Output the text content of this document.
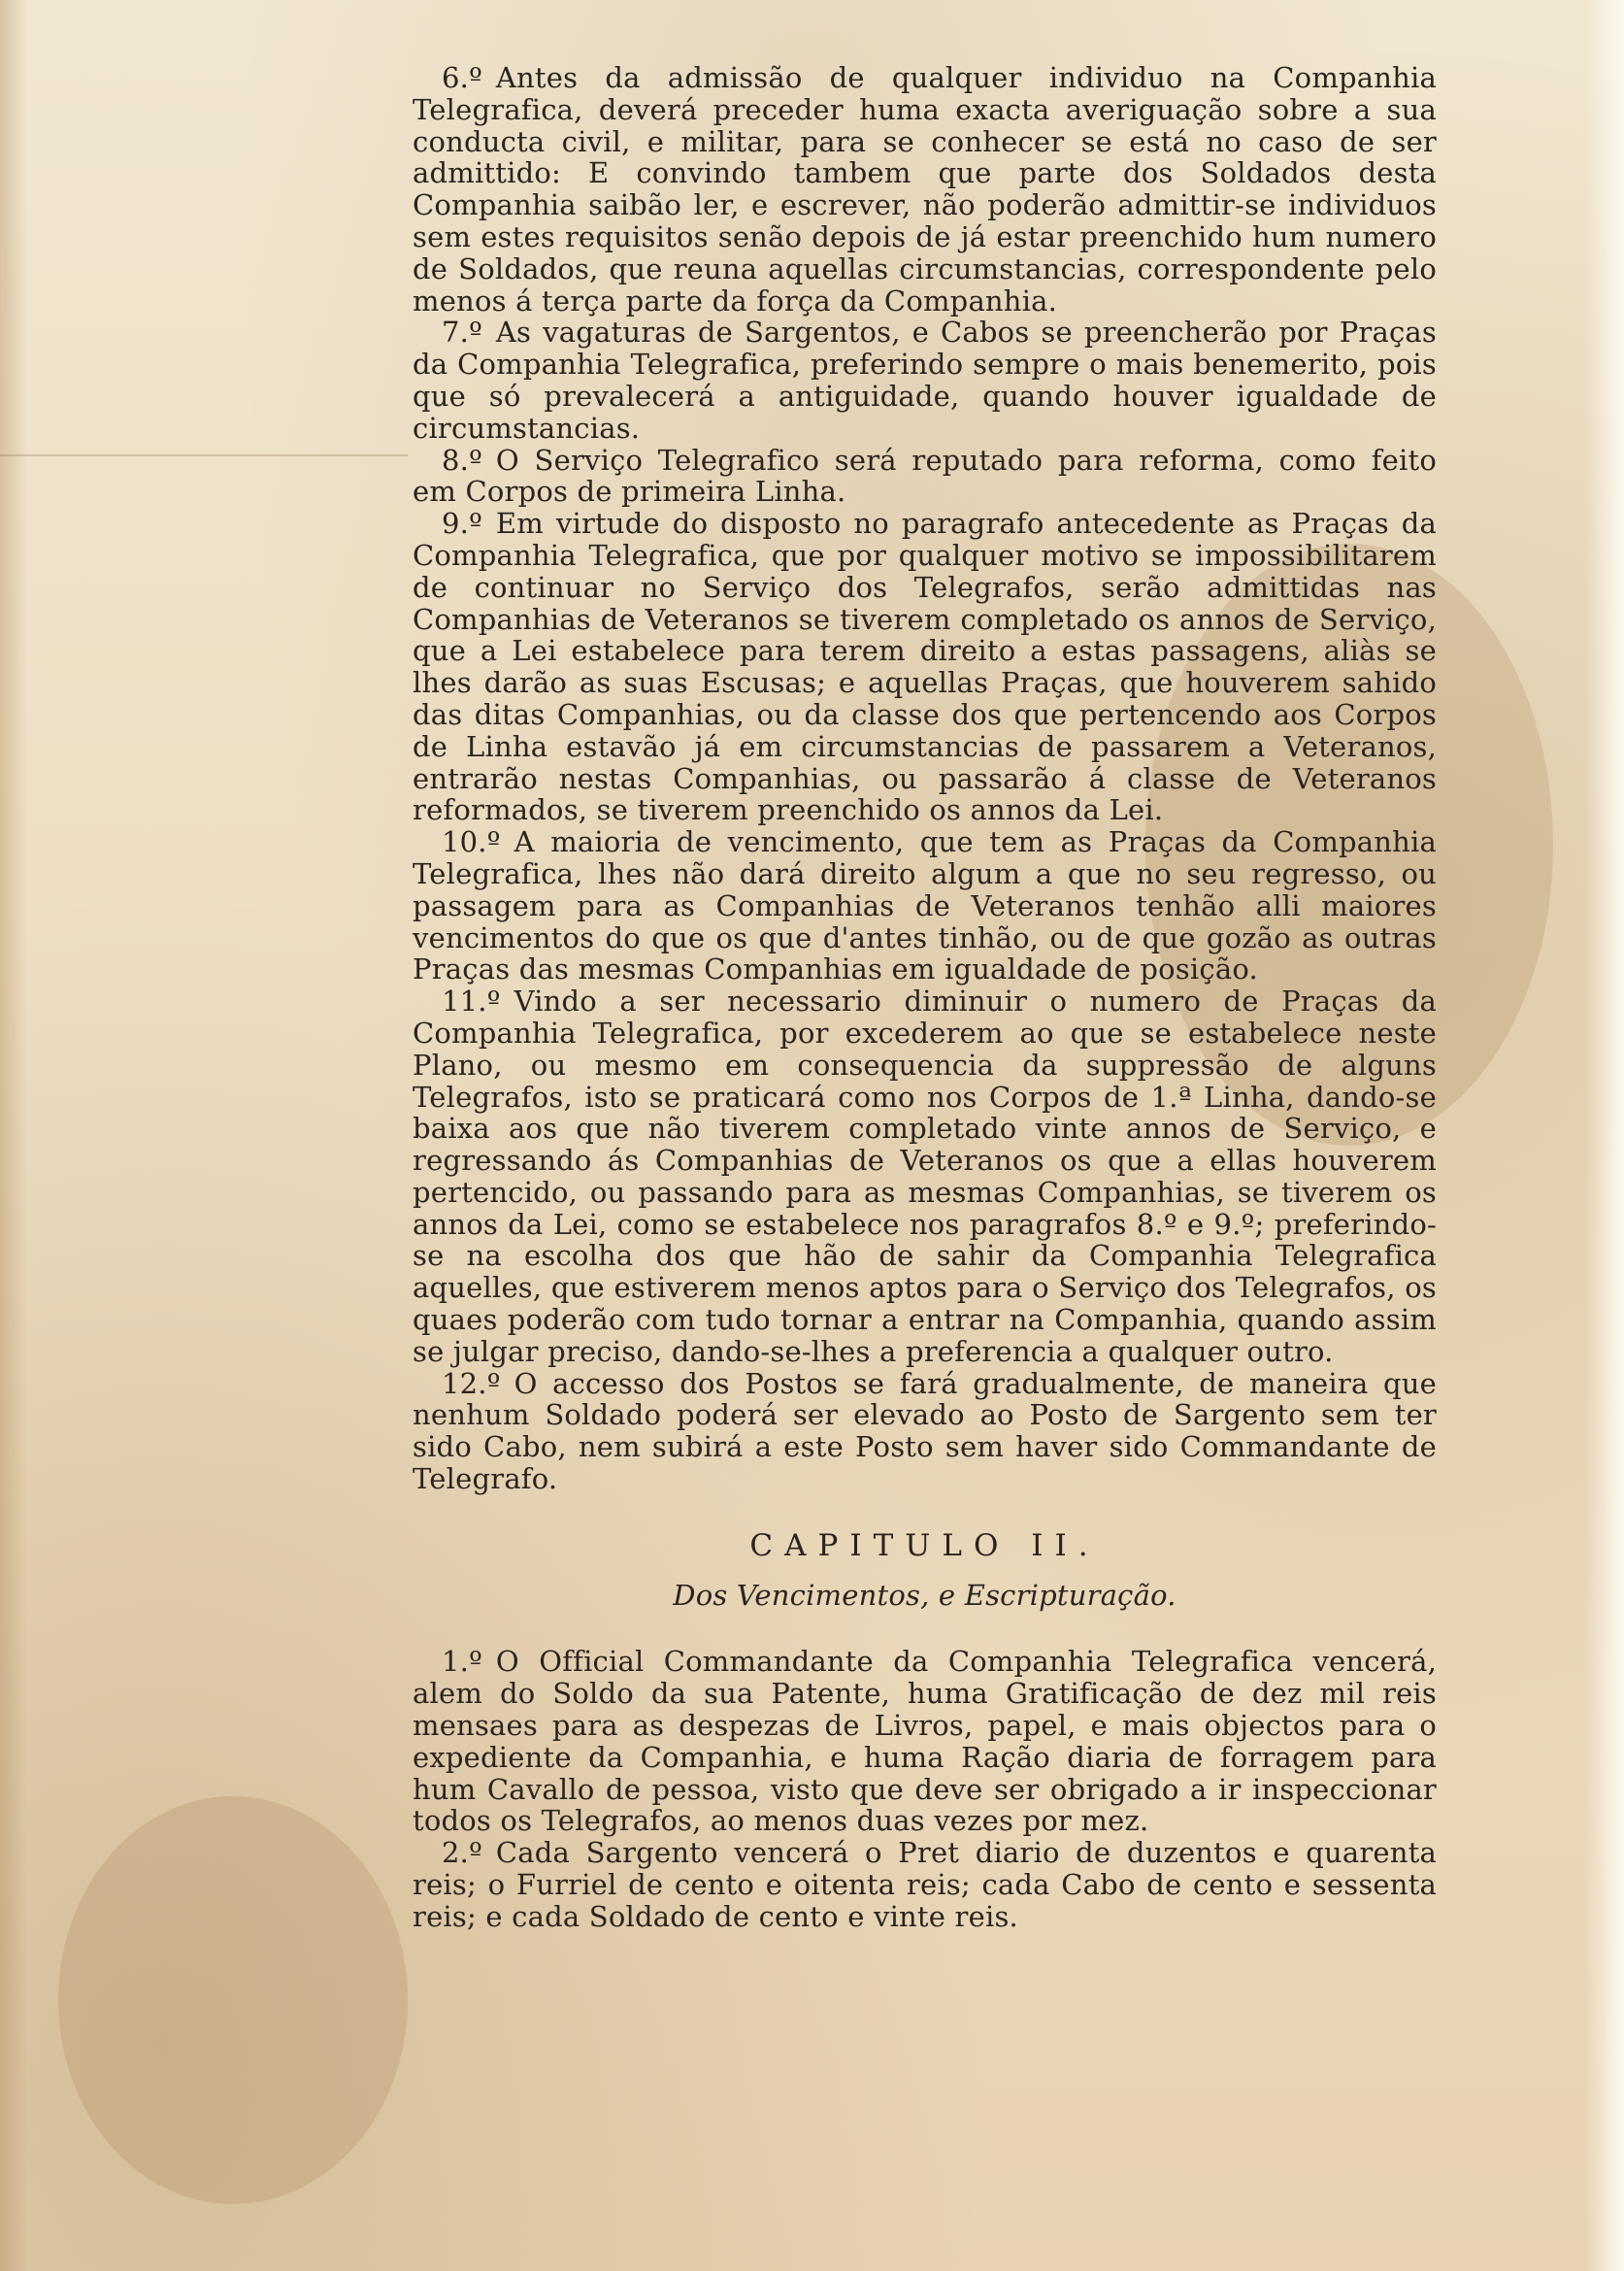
6.º Antes da admissão de qualquer individuo na Companhia Telegrafica, deverá preceder huma exacta averiguação sobre a sua conducta civil, e militar, para se conhecer se está no caso de ser admittido: E convindo tambem que parte dos Soldados desta Companhia saibão ler, e escrever, não poderão admittir-se individuos sem estes requisitos senão depois de já estar preenchido hum numero de Soldados, que reuna aquellas circumstancias, correspondente pelo menos á terça parte da força da Companhia.

7.º As vagaturas de Sargentos, e Cabos se preencherão por Praças da Companhia Telegrafica, preferindo sempre o mais benemerito, pois que só prevalecerá a antiguidade, quando houver igualdade de circumstancias.

8.º O Serviço Telegrafico será reputado para reforma, como feito em Corpos de primeira Linha.

9.º Em virtude do disposto no paragrafo antecedente as Praças da Companhia Telegrafica, que por qualquer motivo se impossibilitarem de continuar no Serviço dos Telegrafos, serão admittidas nas Companhias de Veteranos se tiverem completado os annos de Serviço, que a Lei estabelece para terem direito a estas passagens, aliàs se lhes darão as suas Escusas; e aquellas Praças, que houverem sahido das ditas Companhias, ou da classe dos que pertencendo aos Corpos de Linha estavão já em circumstancias de passarem a Veteranos, entrarão nestas Companhias, ou passarão á classe de Veteranos reformados, se tiverem preenchido os annos da Lei.

10.º A maioria de vencimento, que tem as Praças da Companhia Telegrafica, lhes não dará direito algum a que no seu regresso, ou passagem para as Companhias de Veteranos tenhão alli maiores vencimentos do que os que d'antes tinhão, ou de que gozão as outras Praças das mesmas Companhias em igualdade de posição.

11.º Vindo a ser necessario diminuir o numero de Praças da Companhia Telegrafica, por excederem ao que se estabelece neste Plano, ou mesmo em consequencia da suppressão de alguns Telegrafos, isto se praticará como nos Corpos de 1.ª Linha, dando-se baixa aos que não tiverem completado vinte annos de Serviço, e regressando ás Companhias de Veteranos os que a ellas houverem pertencido, ou passando para as mesmas Companhias, se tiverem os annos da Lei, como se estabelece nos paragrafos 8.º e 9.º; preferindo-se na escolha dos que hão de sahir da Companhia Telegrafica aquelles, que estiverem menos aptos para o Serviço dos Telegrafos, os quaes poderão com tudo tornar a entrar na Companhia, quando assim se julgar preciso, dando-se-lhes a preferencia a qualquer outro.

12.º O accesso dos Postos se fará gradualmente, de maneira que nenhum Soldado poderá ser elevado ao Posto de Sargento sem ter sido Cabo, nem subirá a este Posto sem haver sido Commandante de Telegrafo.

CAPITULO II.
Dos Vencimentos, e Escripturação.

1.º O Official Commandante da Companhia Telegrafica vencerá, alem do Soldo da sua Patente, huma Gratificação de dez mil reis mensaes para as despezas de Livros, papel, e mais objectos para o expediente da Companhia, e huma Ração diaria de forragem para hum Cavallo de pessoa, visto que deve ser obrigado a ir inspeccionar todos os Telegrafos, ao menos duas vezes por mez.

2.º Cada Sargento vencerá o Pret diario de duzentos e quarenta reis; o Furriel de cento e oitenta reis; cada Cabo de cento e sessenta reis; e cada Soldado de cento e vinte reis.
